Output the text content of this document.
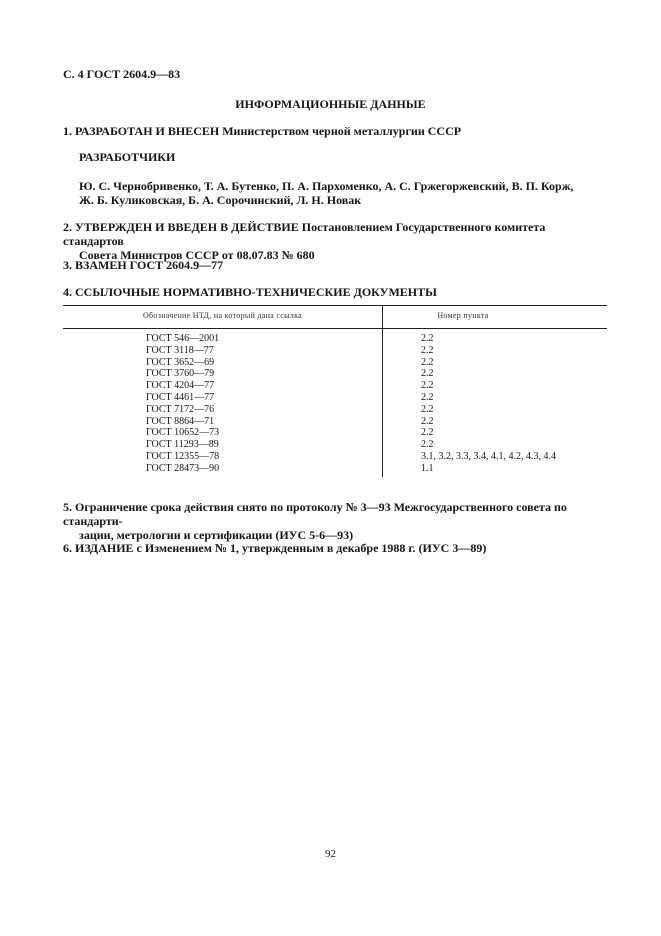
С. 4 ГОСТ 2604.9—83
ИНФОРМАЦИОННЫЕ ДАННЫЕ
1. РАЗРАБОТАН И ВНЕСЕН Министерством черной металлургии СССР
РАЗРАБОТЧИКИ
Ю. С. Чернобривенко, Т. А. Бутенко, П. А. Пархоменко, А. С. Гржегоржевский, В. П. Корж,
Ж. Б. Куликовская, Б. А. Сорочинский, Л. Н. Новак
2. УТВЕРЖДЕН И ВВЕДЕН В ДЕЙСТВИЕ Постановлением Государственного комитета стандартов
Совета Министров СССР от 08.07.83 № 680
3. ВЗАМЕН ГОСТ 2604.9—77
4. ССЫЛОЧНЫЕ НОРМАТИВНО-ТЕХНИЧЕСКИЕ ДОКУМЕНТЫ
Обозначение НТД, на который дана ссылка	Номер пункта
ГОСТ 546—2001	2.2
ГОСТ 3118—77	2.2
ГОСТ 3652—69	2.2
ГОСТ 3760—79	2.2
ГОСТ 4204—77	2.2
ГОСТ 4461—77	2.2
ГОСТ 7172—76	2.2
ГОСТ 8864—71	2.2
ГОСТ 10652—73	2.2
ГОСТ 11293—89	2.2
ГОСТ 12355—78	3.1, 3.2, 3.3, 3.4, 4.1, 4.2, 4.3, 4.4
ГОСТ 28473—90	1.1
5. Ограничение срока действия снято по протоколу № 3—93 Межгосударственного совета по стандарти-
зации, метрологии и сертификации (ИУС 5-6—93)
6. ИЗДАНИЕ с Изменением № 1, утвержденным в декабре 1988 г. (ИУС 3—89)
92
